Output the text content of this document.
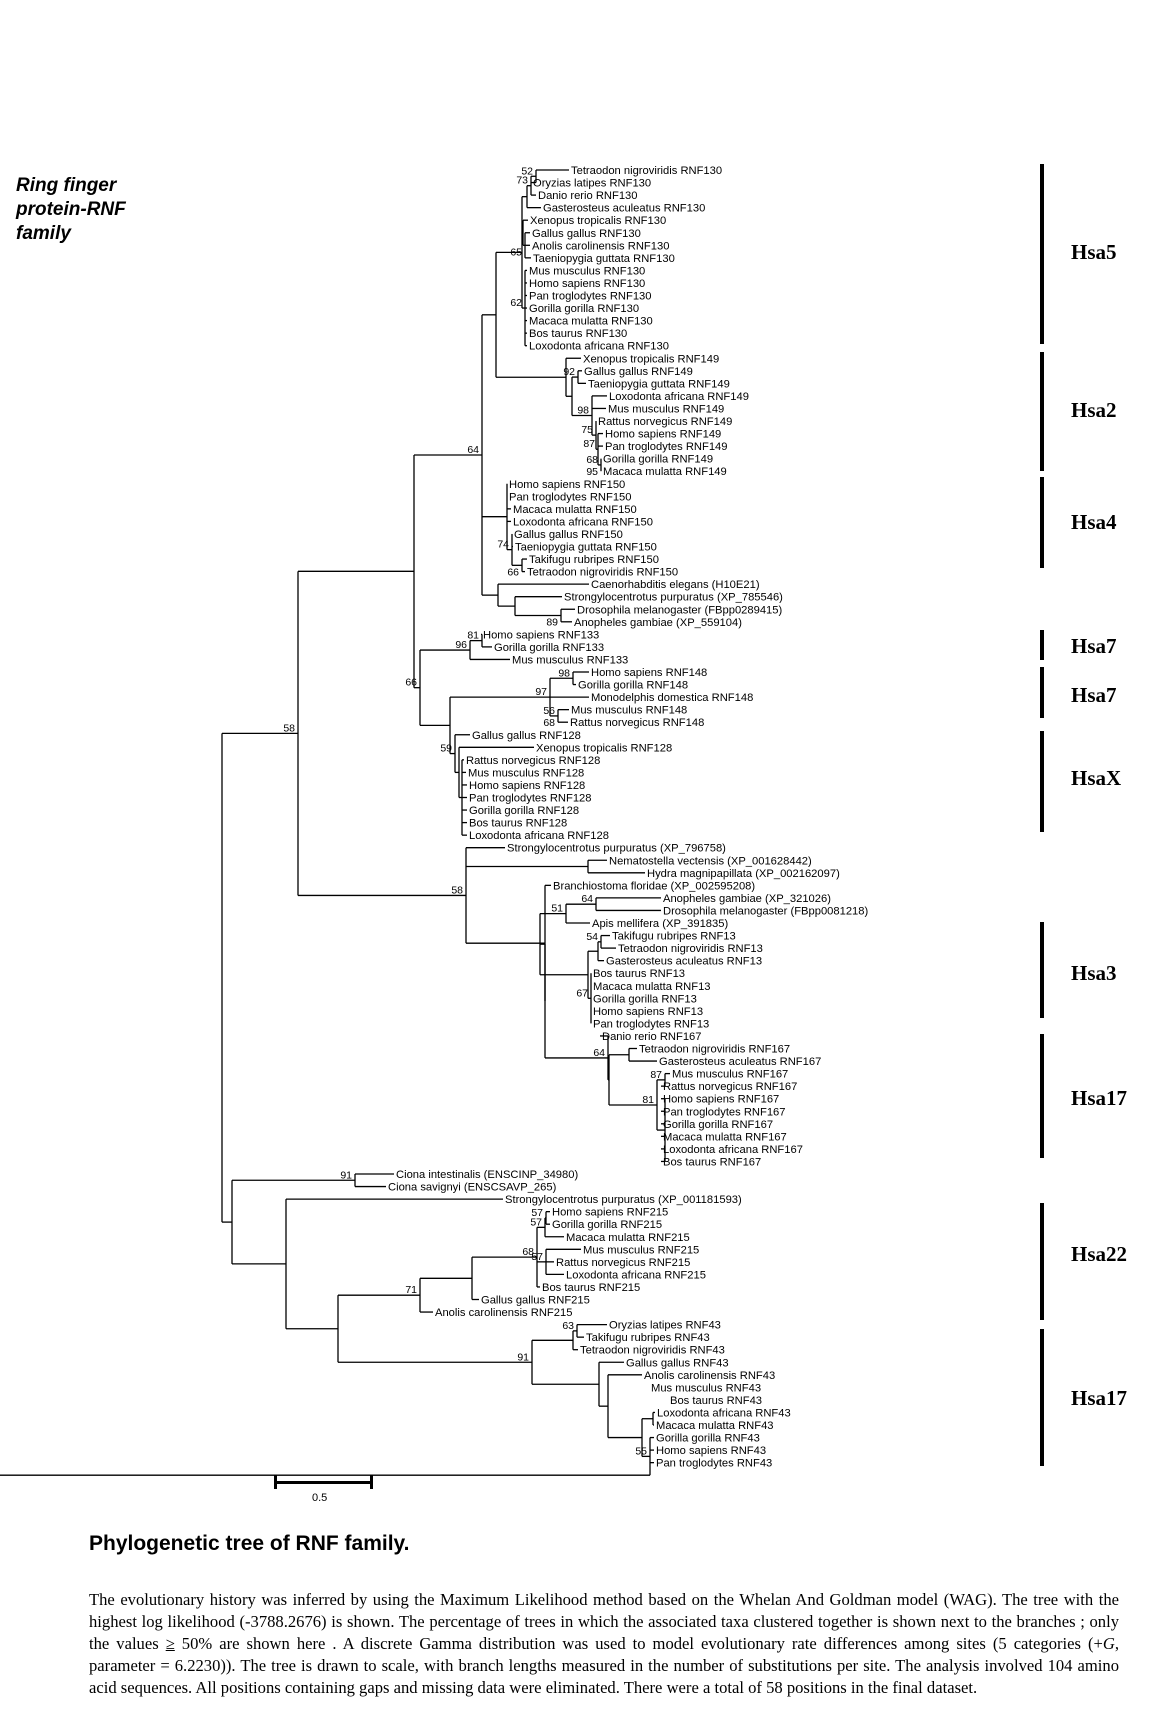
Ring finger
protein-RNF
family
Tetraodon nigroviridis RNF130
Oryzias latipes RNF130
Danio rerio RNF130
Gasterosteus aculeatus RNF130
Xenopus tropicalis RNF130
Gallus gallus RNF130
Anolis carolinensis RNF130
Taeniopygia guttata RNF130
Mus musculus RNF130
Homo sapiens RNF130
Pan troglodytes RNF130
Gorilla gorilla RNF130
Macaca mulatta RNF130
Bos taurus RNF130
Loxodonta africana RNF130
Xenopus tropicalis RNF149
Gallus gallus RNF149
Taeniopygia guttata RNF149
Loxodonta africana RNF149
Mus musculus RNF149
Rattus norvegicus RNF149
Homo sapiens RNF149
Pan troglodytes RNF149
Gorilla gorilla RNF149
Macaca mulatta RNF149
Homo sapiens RNF150
Pan troglodytes RNF150
Macaca mulatta RNF150
Loxodonta africana RNF150
Gallus gallus RNF150
Taeniopygia guttata RNF150
Takifugu rubripes RNF150
Tetraodon nigroviridis RNF150
Caenorhabditis elegans (H10E21)
Strongylocentrotus purpuratus (XP_785546)
Drosophila melanogaster (FBpp0289415)
Anopheles gambiae (XP_559104)
Homo sapiens RNF133
Gorilla gorilla RNF133
Mus musculus RNF133
Homo sapiens RNF148
Gorilla gorilla RNF148
Monodelphis domestica RNF148
Mus musculus RNF148
Rattus norvegicus RNF148
Gallus gallus RNF128
Xenopus tropicalis RNF128
Rattus norvegicus RNF128
Mus musculus RNF128
Homo sapiens RNF128
Pan troglodytes RNF128
Gorilla gorilla RNF128
Bos taurus RNF128
Loxodonta africana RNF128
Strongylocentrotus purpuratus (XP_796758)
Nematostella vectensis (XP_001628442)
Hydra magnipapillata (XP_002162097)
Branchiostoma floridae (XP_002595208)
Anopheles gambiae (XP_321026)
Drosophila melanogaster (FBpp0081218)
Apis mellifera (XP_391835)
Takifugu rubripes RNF13
Tetraodon nigroviridis RNF13
Gasterosteus aculeatus RNF13
Bos taurus RNF13
Macaca mulatta RNF13
Gorilla gorilla RNF13
Homo sapiens RNF13
Pan troglodytes RNF13
Danio rerio RNF167
Tetraodon nigroviridis RNF167
Gasterosteus aculeatus RNF167
Mus musculus RNF167
Rattus norvegicus RNF167
Homo sapiens RNF167
Pan troglodytes RNF167
Gorilla gorilla RNF167
Macaca mulatta RNF167
Loxodonta africana RNF167
Bos taurus RNF167
Ciona intestinalis (ENSCINP_34980)
Ciona savignyi (ENSCSAVP_265)
Strongylocentrotus purpuratus (XP_001181593)
Homo sapiens RNF215
Gorilla gorilla RNF215
Macaca mulatta RNF215
Mus musculus RNF215
Rattus norvegicus RNF215
Loxodonta africana RNF215
Bos taurus RNF215
Gallus gallus RNF215
Anolis carolinensis RNF215
Oryzias latipes RNF43
Takifugu rubripes RNF43
Tetraodon nigroviridis RNF43
Gallus gallus RNF43
Anolis carolinensis RNF43
Mus musculus RNF43
Bos taurus RNF43
Loxodonta africana RNF43
Macaca mulatta RNF43
Gorilla gorilla RNF43
Homo sapiens RNF43
Pan troglodytes RNF43
52
73
65
62
98
92
75
87
68
95
74
66
64
89
81
96
98
56
97
66
68
59
58
58
64
51
54
67
64
87
81
91
57
57
68
57
71
63
91
55
Hsa5
Hsa2
Hsa4
Hsa7
Hsa7
HsaX
Hsa3
Hsa17
Hsa22
Hsa17
0.5
Phylogenetic tree of RNF family.
The evolutionary history was inferred by using the Maximum Likelihood method based on the Whelan And Goldman model (WAG). The tree with the highest log likelihood (-3788.2676) is shown. The percentage of trees in which the associated taxa clustered together is shown next to the branches ; only the values ≥ 50% are shown here . A discrete Gamma distribution was used to model evolutionary rate differences among sites (5 categories (+G, parameter = 6.2230)). The tree is drawn to scale, with branch lengths measured in the number of substitutions per site. The analysis involved 104 amino acid sequences. All positions containing gaps and missing data were eliminated. There were a total of 58 positions in the final dataset.
